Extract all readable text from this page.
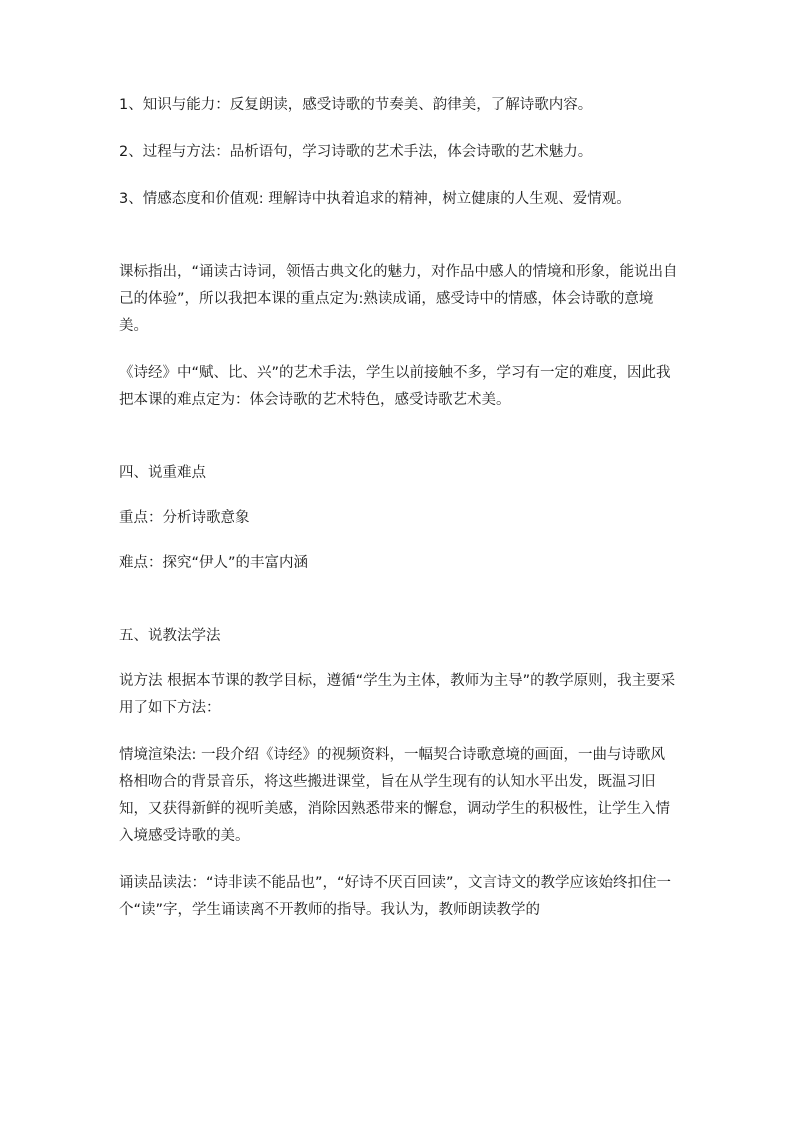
1、知识与能力：反复朗读，感受诗歌的节奏美、韵律美，了解诗歌内容。

2、过程与方法：品析语句，学习诗歌的艺术手法，体会诗歌的艺术魅力。

3、情感态度和价值观: 理解诗中执着追求的精神，树立健康的人生观、爱情观。

课标指出，“诵读古诗词，领悟古典文化的魅力，对作品中感人的情境和形象，能说出自己的体验”，所以我把本课的重点定为:熟读成诵，感受诗中的情感，体会诗歌的意境美。

《诗经》中“赋、比、兴”的艺术手法，学生以前接触不多，学习有一定的难度，因此我把本课的难点定为：体会诗歌的艺术特色，感受诗歌艺术美。

四、说重难点

重点：分析诗歌意象

难点：探究“伊人”的丰富内涵

五、说教法学法

说方法 根据本节课的教学目标，遵循“学生为主体，教师为主导”的教学原则，我主要采用了如下方法：

情境渲染法: 一段介绍《诗经》的视频资料，一幅契合诗歌意境的画面，一曲与诗歌风格相吻合的背景音乐，将这些搬进课堂，旨在从学生现有的认知水平出发，既温习旧知，又获得新鲜的视听美感，消除因熟悉带来的懈怠，调动学生的积极性，让学生入情入境感受诗歌的美。

诵读品读法：“诗非读不能品也”，“好诗不厌百回读”，文言诗文的教学应该始终扣住一个“读”字，学生诵读离不开教师的指导。我认为，教师朗读教学的
